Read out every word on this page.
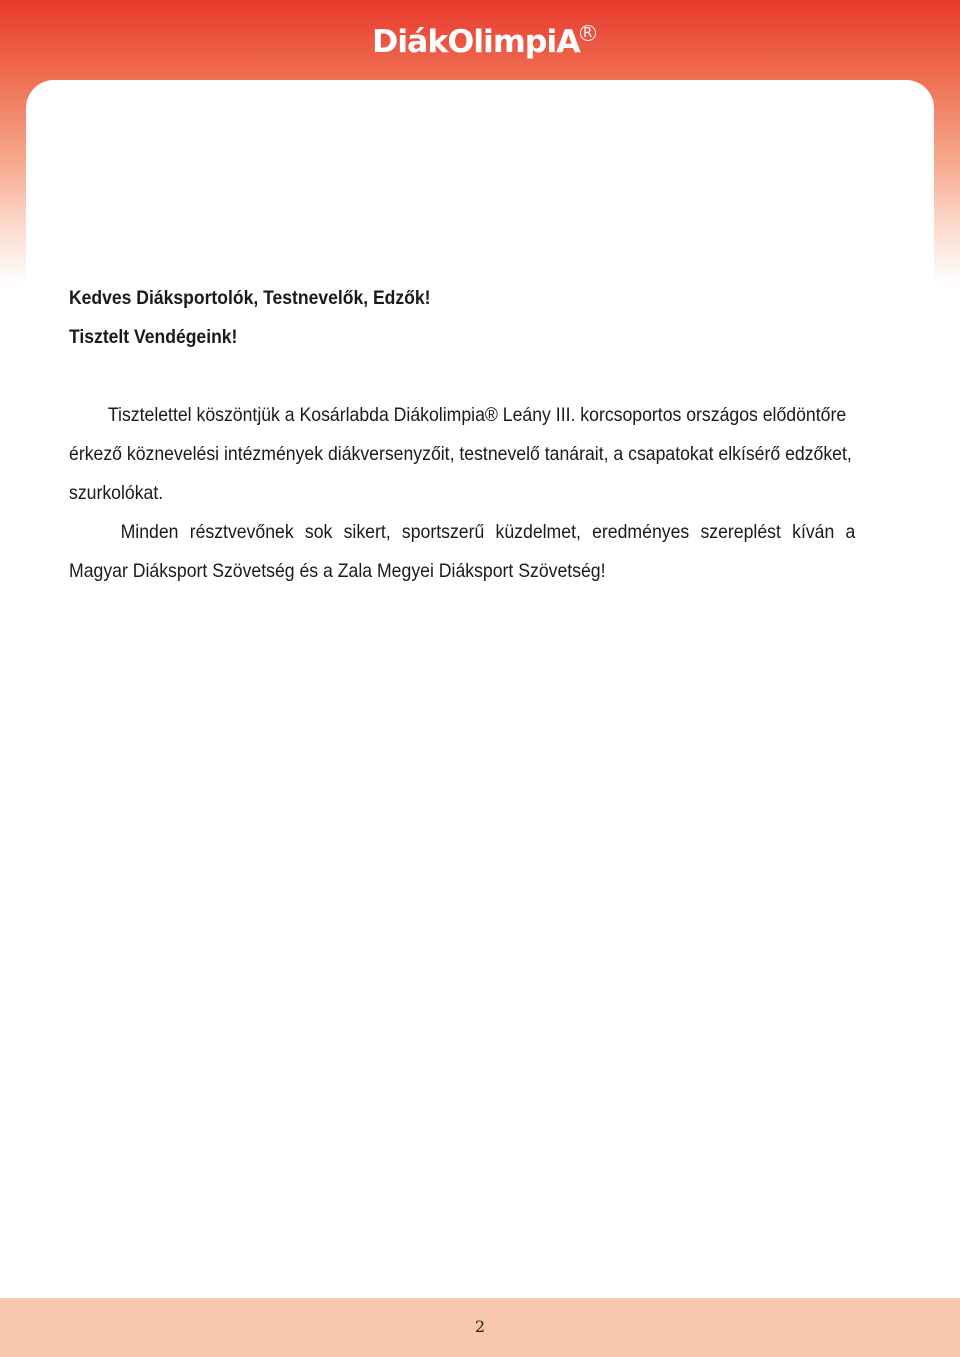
DiákOlimpiA R
Kedves Diáksportolók, Testnevelők, Edzők!
Tisztelt Vendégeink!
Tisztelettel köszöntjük a Kosárlabda Diákolimpia® Leány III. korcsoportos országos elődöntőre
érkező köznevelési intézmények diákversenyzőit, testnevelő tanárait, a csapatokat elkísérő edzőket,
szurkolókat.
Minden résztvevőnek sok sikert, sportszerű küzdelmet, eredményes szereplést kíván a
Magyar Diáksport Szövetség és a Zala Megyei Diáksport Szövetség!
2
